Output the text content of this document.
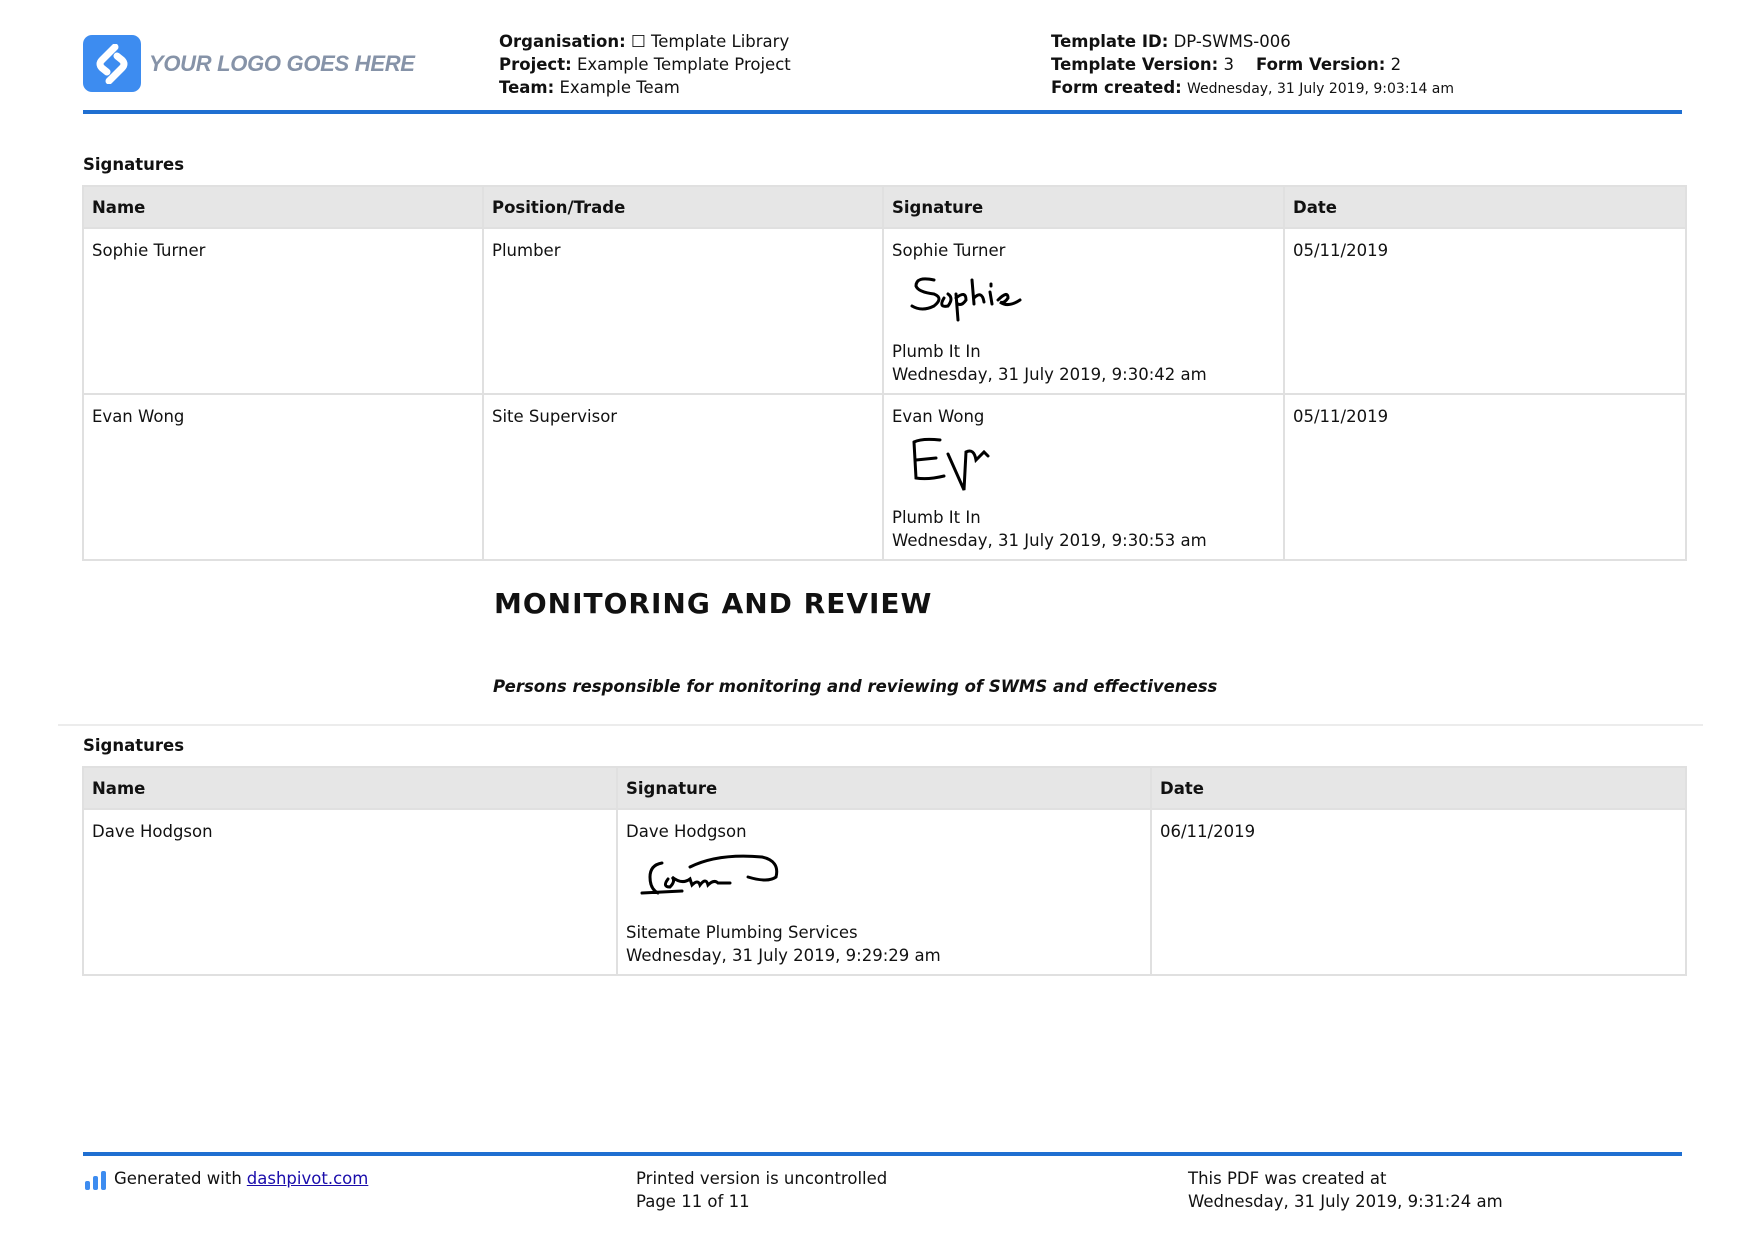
YOUR LOGO GOES HERE
Organisation: ☐ Template Library
Project: Example Template Project
Team: Example Team
Template ID: DP-SWMS-006
Template Version: 3 Form Version: 2
Form created: Wednesday, 31 July 2019, 9:03:14 am
Signatures
Name	Position/Trade	Signature	Date
Sophie Turner	Plumber	Sophie Turner
Plumb It In
Wednesday, 31 July 2019, 9:30:42 am	05/11/2019
Evan Wong	Site Supervisor	Evan Wong
Plumb It In
Wednesday, 31 July 2019, 9:30:53 am	05/11/2019
MONITORING AND REVIEW
Persons responsible for monitoring and reviewing of SWMS and effectiveness
Signatures
Name	Signature	Date
Dave Hodgson	Dave Hodgson
Sitemate Plumbing Services
Wednesday, 31 July 2019, 9:29:29 am	06/11/2019
Generated with dashpivot.com	Printed version is uncontrolled
Page 11 of 11
This PDF was created at
Wednesday, 31 July 2019, 9:31:24 am
